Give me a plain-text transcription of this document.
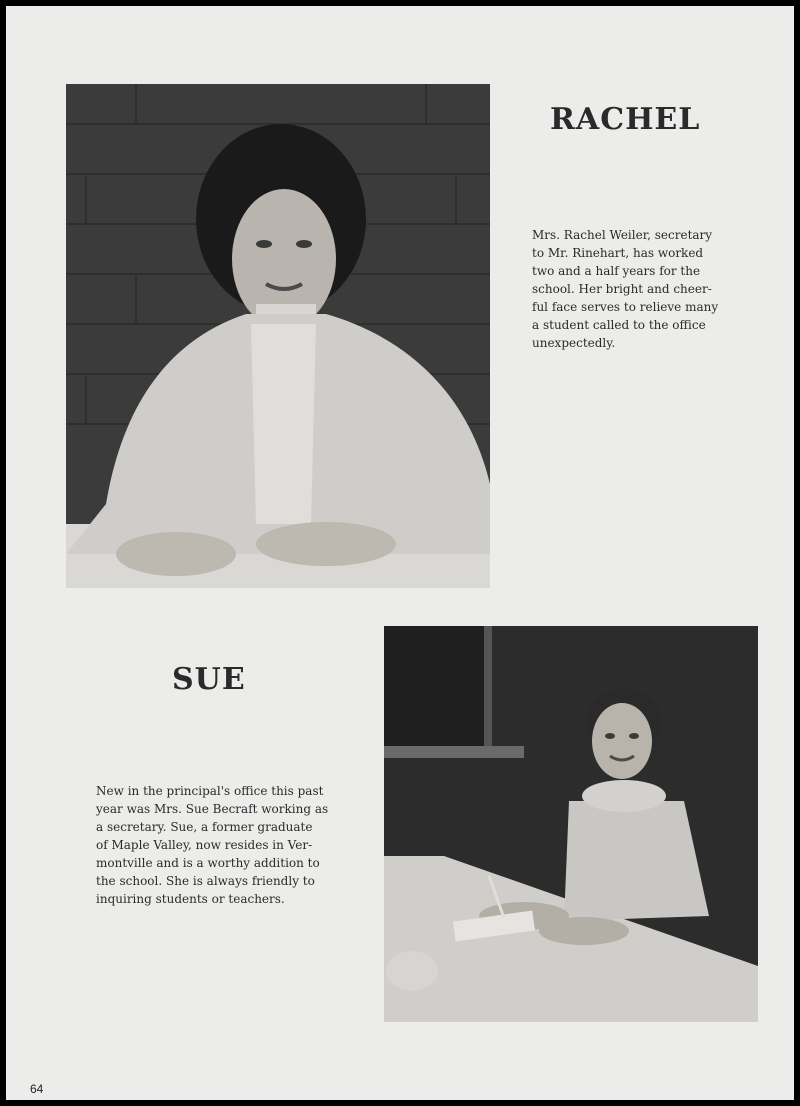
RACHEL
Mrs. Rachel Weiler, secretary
to Mr. Rinehart, has worked
two and a half years for the
school. Her bright and cheer-
ful face serves to relieve many
a student called to the office
unexpectedly.
SUE
New in the principal's office this past
year was Mrs. Sue Becraft working as
a secretary. Sue, a former graduate
of Maple Valley, now resides in Ver-
montville and is a worthy addition to
the school. She is always friendly to
inquiring students or teachers.
64
